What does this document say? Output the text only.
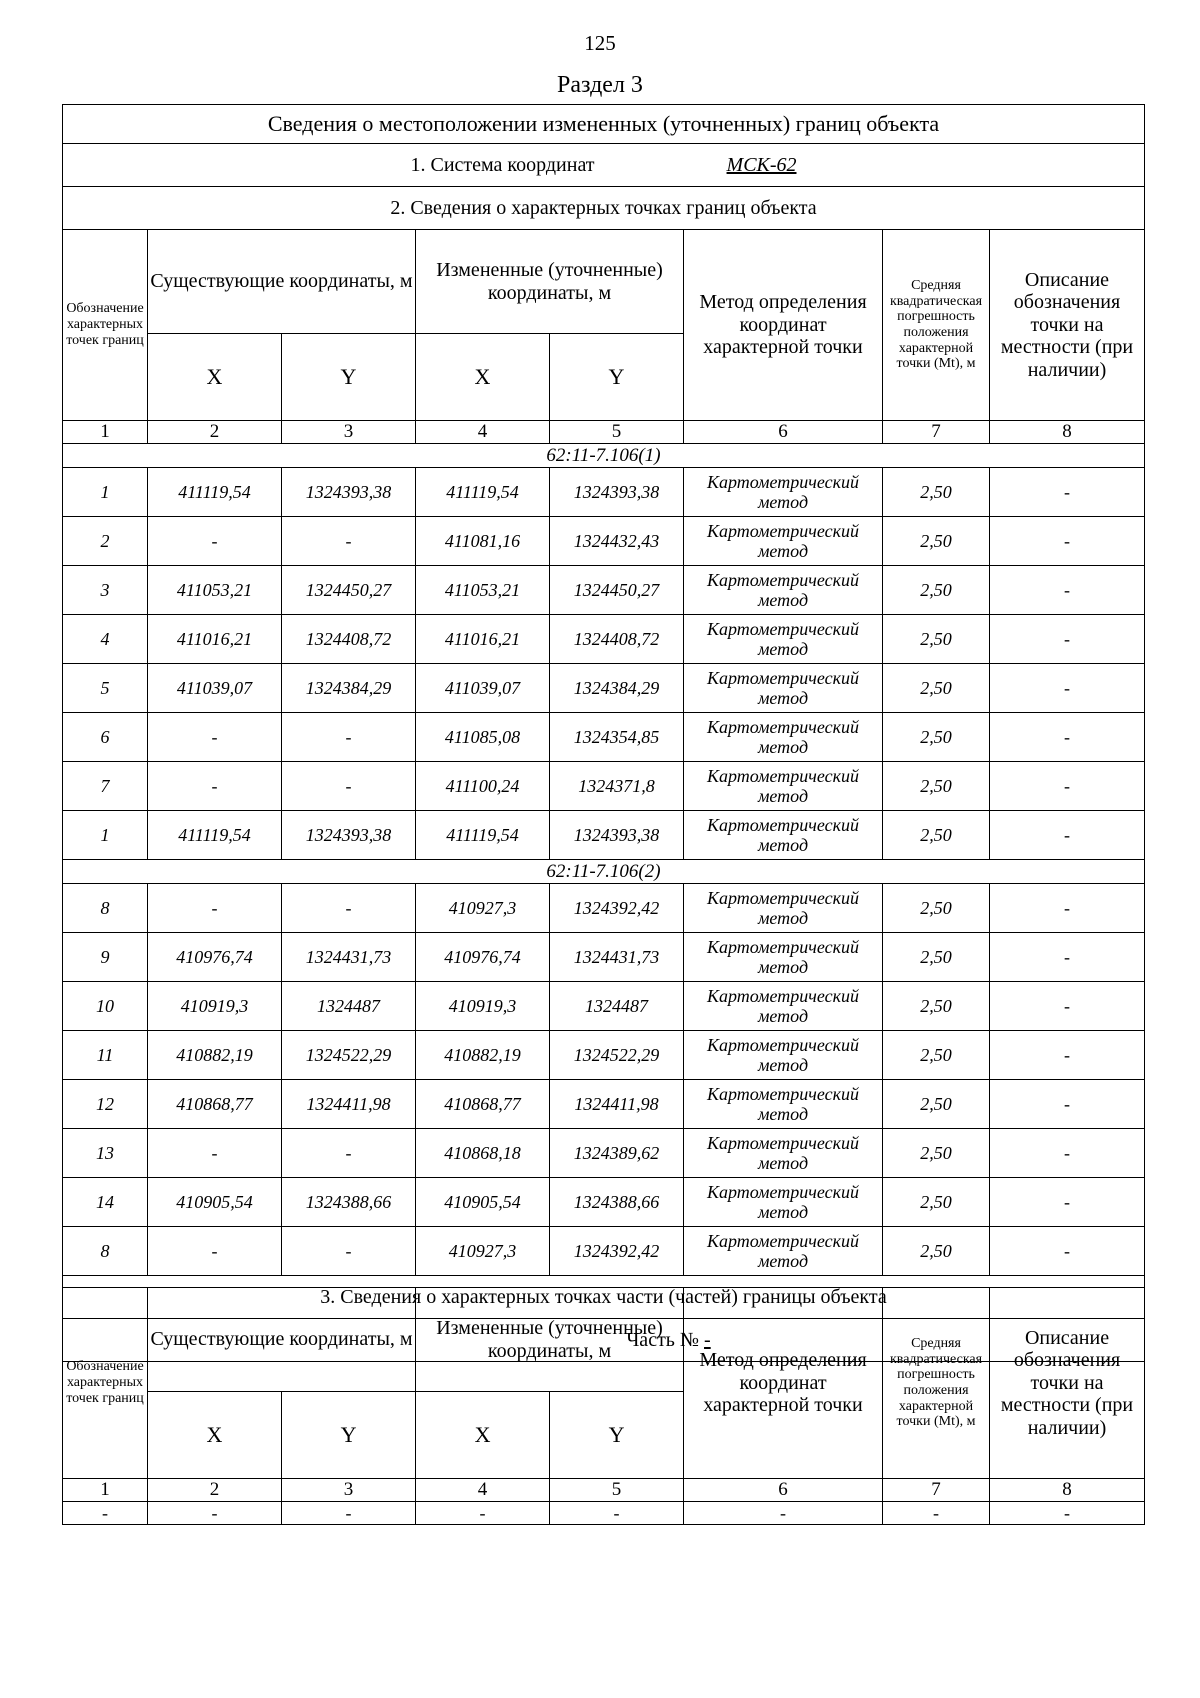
125
Раздел 3
Сведения о местоположении измененных (уточненных) границ объекта							
1. Система координат МСК-62							
2. Сведения о характерных точках границ объекта							
Обозначение характерных точек границ	Существующие координаты, м		Измененные (уточненные) координаты, м		Метод определения координат характерной точки	Средняя квадратическая погрешность положения характерной точки (Mt), м	Описание обозначения точки на местности (при наличии)
	X	Y	X	Y			
1	2	3	4	5	6	7	8
62:11-7.106(1)							
1	411119,54	1324393,38	411119,54	1324393,38	Картометрический метод	2,50	-
2	-	-	411081,16	1324432,43	Картометрический метод	2,50	-
3	411053,21	1324450,27	411053,21	1324450,27	Картометрический метод	2,50	-
4	411016,21	1324408,72	411016,21	1324408,72	Картометрический метод	2,50	-
5	411039,07	1324384,29	411039,07	1324384,29	Картометрический метод	2,50	-
6	-	-	411085,08	1324354,85	Картометрический метод	2,50	-
7	-	-	411100,24	1324371,8	Картометрический метод	2,50	-
1	411119,54	1324393,38	411119,54	1324393,38	Картометрический метод	2,50	-
62:11-7.106(2)							
8	-	-	410927,3	1324392,42	Картометрический метод	2,50	-
9	410976,74	1324431,73	410976,74	1324431,73	Картометрический метод	2,50	-
10	410919,3	1324487	410919,3	1324487	Картометрический метод	2,50	-
11	410882,19	1324522,29	410882,19	1324522,29	Картометрический метод	2,50	-
12	410868,77	1324411,98	410868,77	1324411,98	Картометрический метод	2,50	-
13	-	-	410868,18	1324389,62	Картометрический метод	2,50	-
14	410905,54	1324388,66	410905,54	1324388,66	Картометрический метод	2,50	-
8	-	-	410927,3	1324392,42	Картометрический метод	2,50	-
3. Сведения о характерных точках части (частей) границы объекта							
Часть № -							
Обозначение характерных точек границ	Существующие координаты, м		Измененные (уточненные) координаты, м		Метод определения координат характерной точки	Средняя квадратическая погрешность положения характерной точки (Mt), м	Описание обозначения точки на местности (при наличии)
	X	Y	X	Y			
1	2	3	4	5	6	7	8
-	-	-	-	-	-	-	-
